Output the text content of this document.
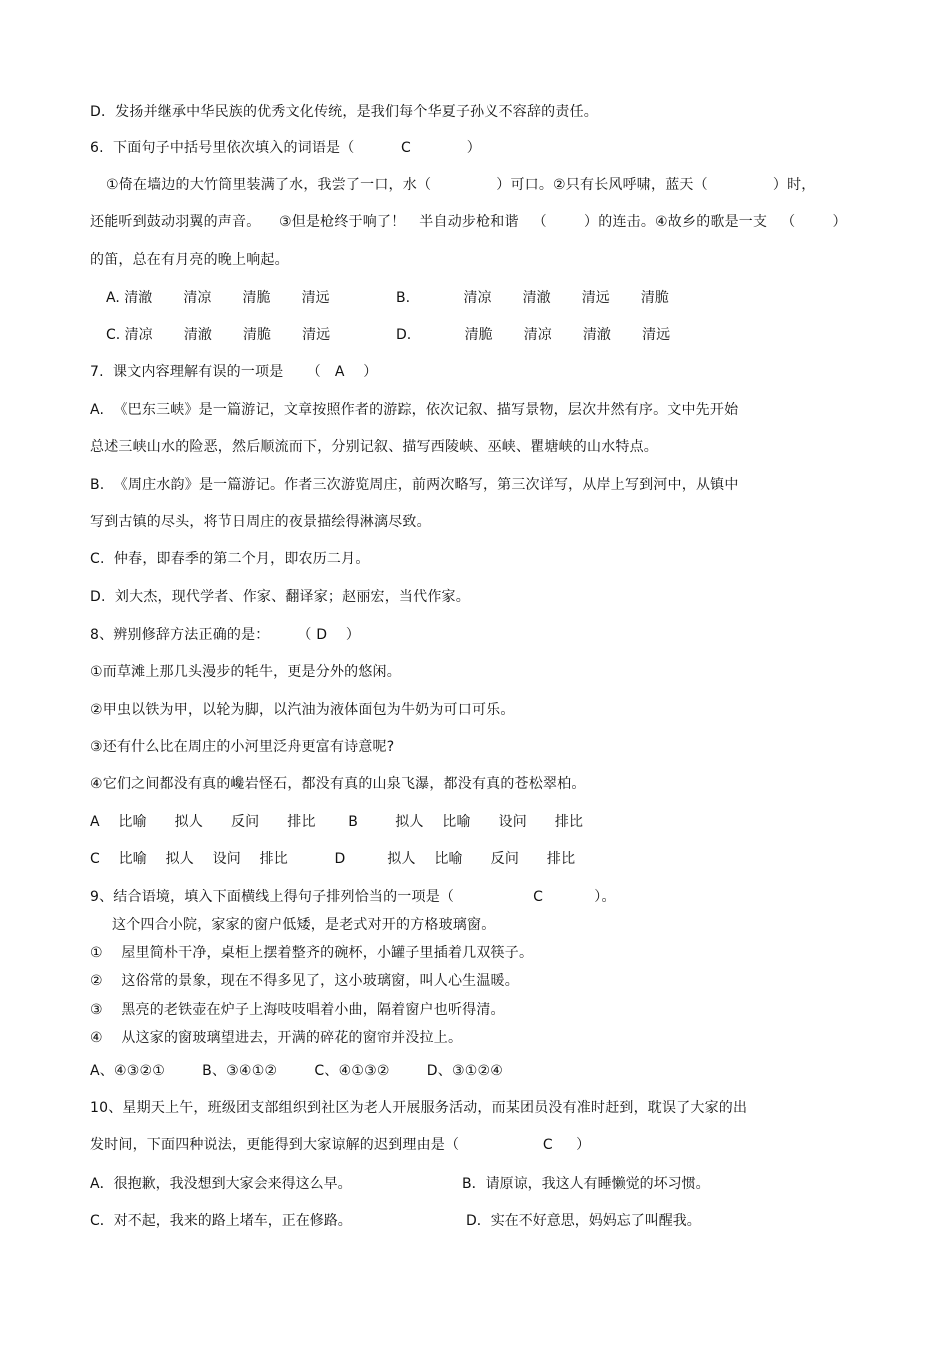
D．发扬并继承中华民族的优秀文化传统，是我们每个华夏子孙义不容辞的责任。
6.  下面句子中括号里依次填入的词语是（          C            ）
①倚在墙边的大竹筒里装满了水，我尝了一口，水（              ）可口。②只有长风呼啸，蓝天（              ）时，
还能听到鼓动羽翼的声音。    ③但是枪终于响了！   半自动步枪和谐   （        ）的连击。④故乡的歌是一支   （        ）
的笛，总在有月亮的晚上响起。
A. 清澈       清凉       清脆       清远	B.            清凉       清澈       清远       清脆
C. 清凉       清澈       清脆       清远	D.            清脆       清凉       清澈       清远
7.  课文内容理解有误的一项是     （   A    ）
A.  《巴东三峡》是一篇游记，文章按照作者的游踪，依次记叙、描写景物，层次井然有序。文中先开始
总述三峡山水的险恶，然后顺流而下，分别记叙、描写西陵峡、巫峡、瞿塘峡的山水特点。
B.  《周庄水韵》是一篇游记。作者三次游览周庄，前两次略写，第三次详写，从岸上写到河中，从镇中
写到古镇的尽头，将节日周庄的夜景描绘得淋漓尽致。
C.  仲春，即春季的第二个月，即农历二月。
D.  刘大杰，现代学者、作家、翻译家；赵丽宏，当代作家。
8、辨别修辞方法正确的是：      （ D    ）
①而草滩上那几头漫步的牦牛，更是分外的悠闲。
②甲虫以铁为甲，以轮为脚，以汽油为液体面包为牛奶为可口可乐。
③还有什么比在周庄的小河里泛舟更富有诗意呢?
④它们之间都没有真的巉岩怪石，都没有真的山泉飞瀑，都没有真的苍松翠柏。
A    比喻      拟人      反问      排比       B        拟人    比喻      设问      排比
C    比喻    拟人    设问    排比          D         拟人    比喻      反问      排比
9、结合语境，填入下面横线上得句子排列恰当的一项是（                 C           ）。
这个四合小院，家家的窗户低矮，是老式对开的方格玻璃窗。
①    屋里简朴干净，桌柜上摆着整齐的碗杯，小罐子里插着几双筷子。
②    这俗常的景象，现在不得多见了，这小玻璃窗，叫人心生温暖。
③    黑亮的老铁壶在炉子上海吱吱唱着小曲，隔着窗户也听得清。
④    从这家的窗玻璃望进去，开满的碎花的窗帘并没拉上。
A、④③②①        B、③④①②        C、④①③②        D、③①②④
10、星期天上午，班级团支部组织到社区为老人开展服务活动，而某团员没有准时赶到，耽误了大家的出
发时间，下面四种说法，更能得到大家谅解的迟到理由是（                  C     ）
A．很抱歉，我没想到大家会来得这么早。	B．请原谅，我这人有睡懒觉的坏习惯。
C．对不起，我来的路上堵车，正在修路。	D．实在不好意思，妈妈忘了叫醒我。
